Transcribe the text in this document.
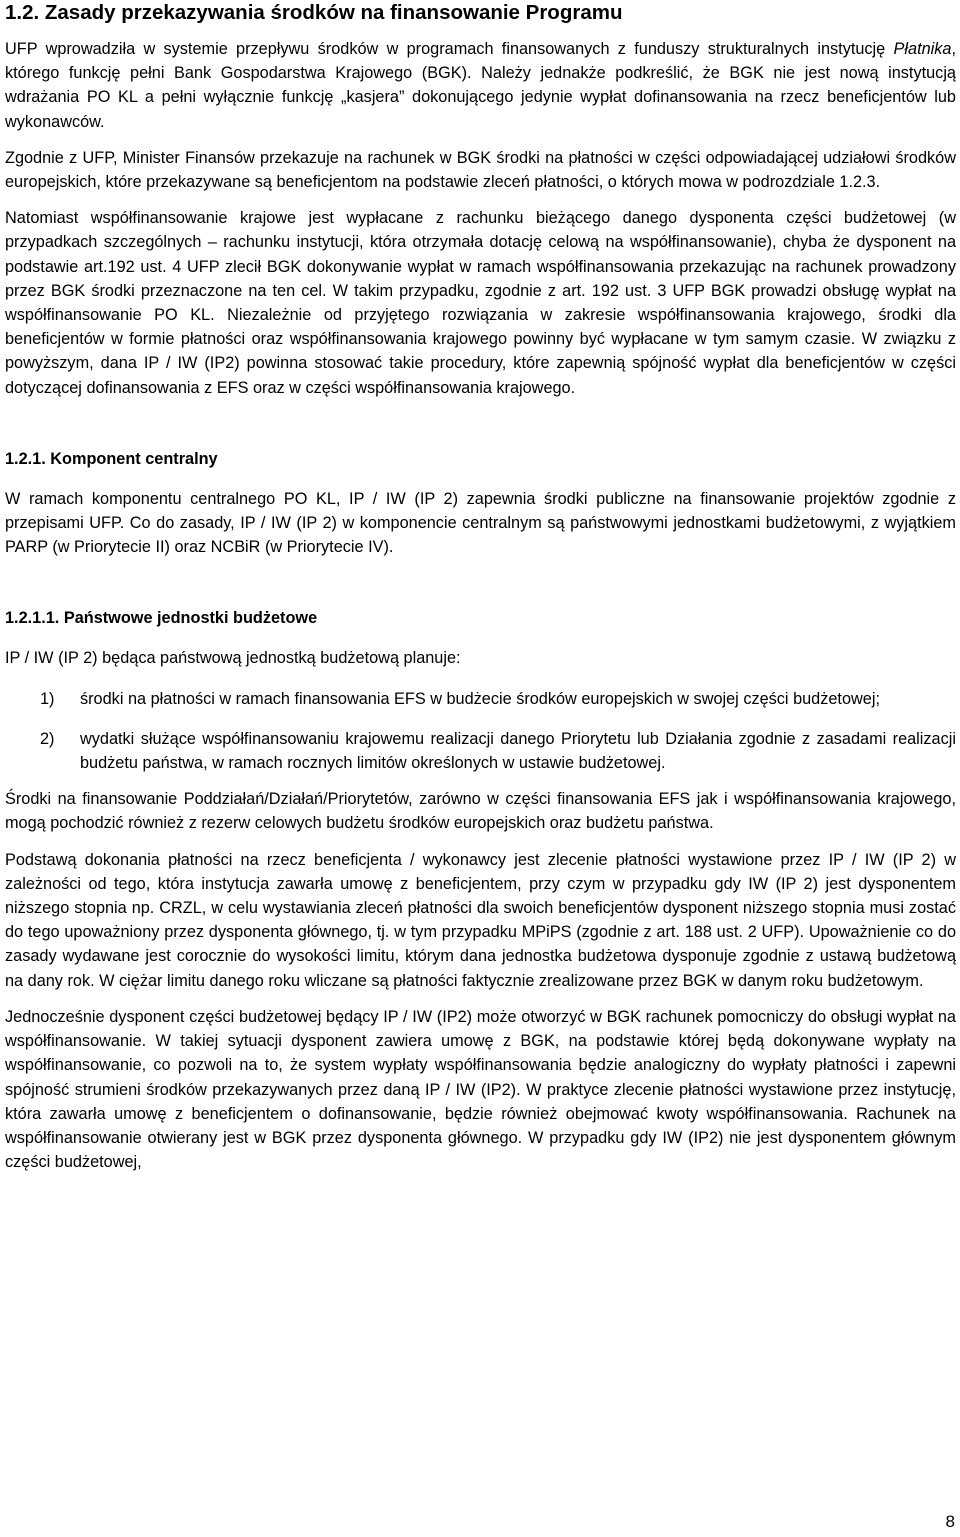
1.2. Zasady przekazywania środków na finansowanie Programu

UFP wprowadziła w systemie przepływu środków w programach finansowanych z funduszy strukturalnych instytucję Płatnika, którego funkcję pełni Bank Gospodarstwa Krajowego (BGK). Należy jednakże podkreślić, że BGK nie jest nową instytucją wdrażania PO KL a pełni wyłącznie funkcję „kasjera” dokonującego jedynie wypłat dofinansowania na rzecz beneficjentów lub wykonawców.

Zgodnie z UFP, Minister Finansów przekazuje na rachunek w BGK środki na płatności w części odpowiadającej udziałowi środków europejskich, które przekazywane są beneficjentom na podstawie zleceń płatności, o których mowa w podrozdziale 1.2.3.

Natomiast współfinansowanie krajowe jest wypłacane z rachunku bieżącego danego dysponenta części budżetowej (w przypadkach szczególnych – rachunku instytucji, która otrzymała dotację celową na współfinansowanie), chyba że dysponent na podstawie art.192 ust. 4 UFP zlecił BGK dokonywanie wypłat w ramach współfinansowania przekazując na rachunek prowadzony przez BGK środki przeznaczone na ten cel. W takim przypadku, zgodnie z art. 192 ust. 3 UFP BGK prowadzi obsługę wypłat na współfinansowanie PO KL. Niezależnie od przyjętego rozwiązania w zakresie współfinansowania krajowego, środki dla beneficjentów w formie płatności oraz współfinansowania krajowego powinny być wypłacane w tym samym czasie. W związku z powyższym, dana IP / IW (IP2) powinna stosować takie procedury, które zapewnią spójność wypłat dla beneficjentów w części dotyczącej dofinansowania z EFS oraz w części współfinansowania krajowego.

1.2.1. Komponent centralny

W ramach komponentu centralnego PO KL, IP / IW (IP 2) zapewnia środki publiczne na finansowanie projektów zgodnie z przepisami UFP. Co do zasady, IP / IW (IP 2) w komponencie centralnym są państwowymi jednostkami budżetowymi, z wyjątkiem PARP (w Priorytecie II) oraz NCBiR (w Priorytecie IV).

1.2.1.1. Państwowe jednostki budżetowe

IP / IW (IP 2) będąca państwową jednostką budżetową planuje:

1)	środki na płatności w ramach finansowania EFS w budżecie środków europejskich w swojej części budżetowej;
2)	wydatki służące współfinansowaniu krajowemu realizacji danego Priorytetu lub Działania zgodnie z zasadami realizacji budżetu państwa, w ramach rocznych limitów określonych w ustawie budżetowej.

Środki na finansowanie Poddziałań/Działań/Priorytetów, zarówno w części finansowania EFS jak i współfinansowania krajowego, mogą pochodzić również z rezerw celowych budżetu środków europejskich oraz budżetu państwa.

Podstawą dokonania płatności na rzecz beneficjenta / wykonawcy jest zlecenie płatności wystawione przez IP / IW (IP 2) w zależności od tego, która instytucja zawarła umowę z beneficjentem, przy czym w przypadku gdy IW (IP 2) jest dysponentem niższego stopnia np. CRZL, w celu wystawiania zleceń płatności dla swoich beneficjentów dysponent niższego stopnia musi zostać do tego upoważniony przez dysponenta głównego, tj. w tym przypadku MPiPS (zgodnie z art. 188 ust. 2 UFP). Upoważnienie co do zasady wydawane jest corocznie do wysokości limitu, którym dana jednostka budżetowa dysponuje zgodnie z ustawą budżetową na dany rok. W ciężar limitu danego roku wliczane są płatności faktycznie zrealizowane przez BGK w danym roku budżetowym.

Jednocześnie dysponent części budżetowej będący IP / IW (IP2) może otworzyć w BGK rachunek pomocniczy do obsługi wypłat na współfinansowanie. W takiej sytuacji dysponent zawiera umowę z BGK, na podstawie której będą dokonywane wypłaty na współfinansowanie, co pozwoli na to, że system wypłaty współfinansowania będzie analogiczny do wypłaty płatności i zapewni spójność strumieni środków przekazywanych przez daną IP / IW (IP2). W praktyce zlecenie płatności wystawione przez instytucję, która zawarła umowę z beneficjentem o dofinansowanie, będzie również obejmować kwoty współfinansowania. Rachunek na współfinansowanie otwierany jest w BGK przez dysponenta głównego. W przypadku gdy IW (IP2) nie jest dysponentem głównym części budżetowej,

8
